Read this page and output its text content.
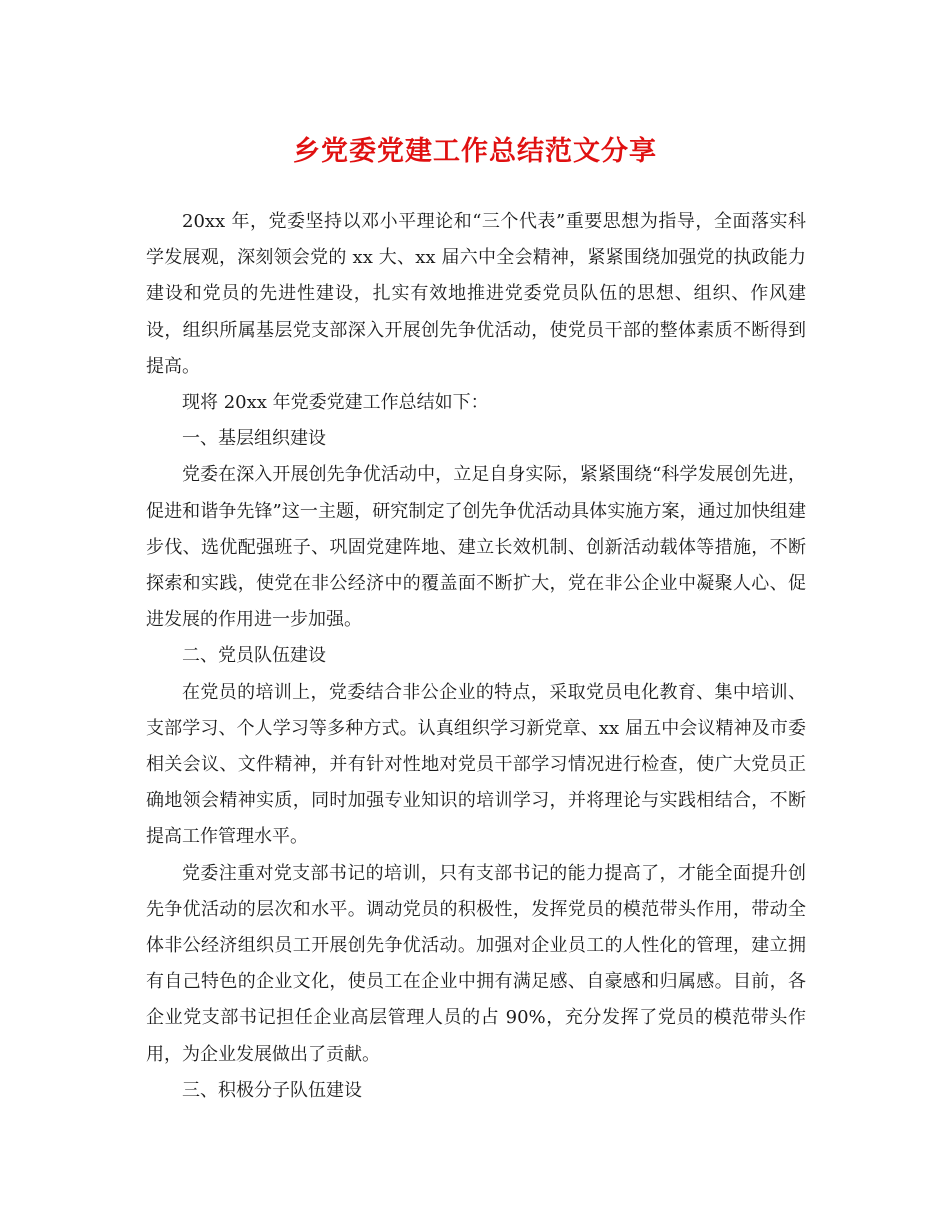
乡党委党建工作总结范文分享

20xx 年，党委坚持以邓小平理论和“三个代表”重要思想为指导，全面落实科学发展观，深刻领会党的 xx 大、xx 届六中全会精神，紧紧围绕加强党的执政能力建设和党员的先进性建设，扎实有效地推进党委党员队伍的思想、组织、作风建设，组织所属基层党支部深入开展创先争优活动，使党员干部的整体素质不断得到提高。

现将 20xx 年党委党建工作总结如下：

一、基层组织建设

党委在深入开展创先争优活动中，立足自身实际，紧紧围绕“科学发展创先进，促进和谐争先锋”这一主题，研究制定了创先争优活动具体实施方案，通过加快组建步伐、选优配强班子、巩固党建阵地、建立长效机制、创新活动载体等措施，不断探索和实践，使党在非公经济中的覆盖面不断扩大，党在非公企业中凝聚人心、促进发展的作用进一步加强。

二、党员队伍建设

在党员的培训上，党委结合非公企业的特点，采取党员电化教育、集中培训、支部学习、个人学习等多种方式。认真组织学习新党章、xx 届五中会议精神及市委相关会议、文件精神，并有针对性地对党员干部学习情况进行检查，使广大党员正确地领会精神实质，同时加强专业知识的培训学习，并将理论与实践相结合，不断提高工作管理水平。

党委注重对党支部书记的培训，只有支部书记的能力提高了，才能全面提升创先争优活动的层次和水平。调动党员的积极性，发挥党员的模范带头作用，带动全体非公经济组织员工开展创先争优活动。加强对企业员工的人性化的管理，建立拥有自己特色的企业文化，使员工在企业中拥有满足感、自豪感和归属感。目前，各企业党支部书记担任企业高层管理人员的占 90%，充分发挥了党员的模范带头作用，为企业发展做出了贡献。

三、积极分子队伍建设
